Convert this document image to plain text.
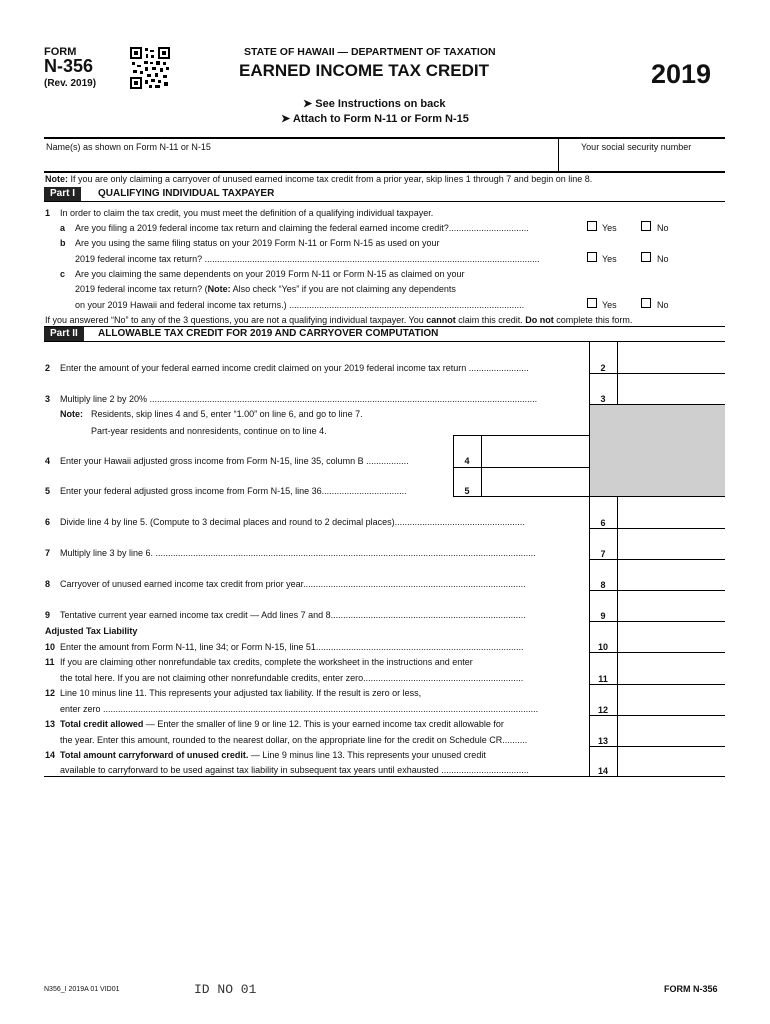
FORM
N-356
(Rev. 2019)
STATE OF HAWAII — DEPARTMENT OF TAXATION
EARNED INCOME TAX CREDIT	2019
➤ See Instructions on back
➤ Attach to Form N-11 or Form N-15
Name(s) as shown on Form N-11 or N-15	Your social security number
Note: If you are only claiming a carryover of unused earned income tax credit from a prior year, skip lines 1 through 7 and begin on line 8.
Part I	QUALIFYING INDIVIDUAL TAXPAYER
1 In order to claim the tax credit, you must meet the definition of a qualifying individual taxpayer.
a Are you filing a 2019 federal income tax return and claiming the federal earned income credit?................................	Yes	No
b Are you using the same filing status on your 2019 Form N-11 or Form N-15 as used on your
2019 federal income tax return? ......................................................................................................................................	Yes	No
c Are you claiming the same dependents on your 2019 Form N-11 or Form N-15 as claimed on your
2019 federal income tax return? (Note: Also check “Yes” if you are not claiming any dependents
on your 2019 Hawaii and federal income tax returns.) ..............................................................................................	Yes	No
If you answered “No” to any of the 3 questions, you are not a qualifying individual taxpayer. You cannot claim this credit. Do not complete this form.
Part II	ALLOWABLE TAX CREDIT FOR 2019 AND CARRYOVER COMPUTATION
2
3
4
5
6
7
8
9
10
11
12
13
14
2 Enter the amount of your federal earned income credit claimed on your 2019 federal income tax return ........................
3 Multiply line 2 by 20% ...........................................................................................................................................................
Note: Residents, skip lines 4 and 5, enter “1.00” on line 6, and go to line 7.
Part-year residents and nonresidents, continue on to line 4.
4 Enter your Hawaii adjusted gross income from Form N-15, line 35, column B .................
5 Enter your federal adjusted gross income from Form N-15, line 36..................................
6 Divide line 4 by line 5. (Compute to 3 decimal places and round to 2 decimal places)....................................................
7 Multiply line 3 by line 6. ........................................................................................................................................................
8 Carryover of unused earned income tax credit from prior year.........................................................................................
9 Tentative current year earned income tax credit — Add lines 7 and 8..............................................................................
Adjusted Tax Liability
10 Enter the amount from Form N-11, line 34; or Form N-15, line 51...................................................................................
11 If you are claiming other nonrefundable tax credits, complete the worksheet in the instructions and enter
the total here. If you are not claiming other nonrefundable credits, enter zero................................................................
12 Line 10 minus line 11. This represents your adjusted tax liability. If the result is zero or less,
enter zero ..............................................................................................................................................................................
13 Total credit allowed — Enter the smaller of line 9 or line 12. This is your earned income tax credit allowable for
the year. Enter this amount, rounded to the nearest dollar, on the appropriate line for the credit on Schedule CR..........
14 Total amount carryforward of unused credit. — Line 9 minus line 13. This represents your unused credit
available to carryforward to be used against tax liability in subsequent tax years until exhausted ...................................
N356_I 2019A 01 VID01	ID NO 01	FORM N-356
